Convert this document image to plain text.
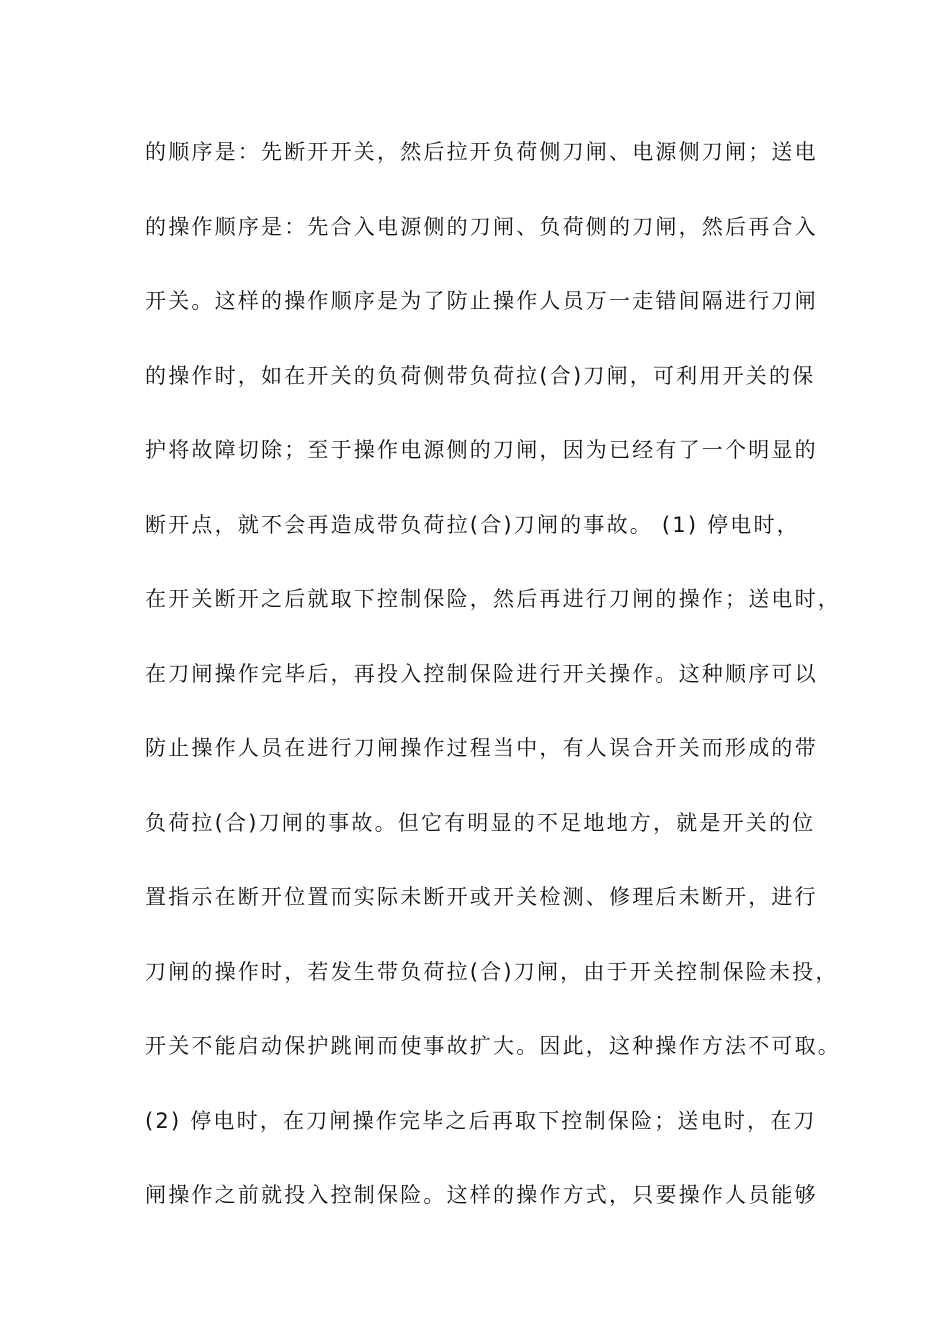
的顺序是：先断开开关，然后拉开负荷侧刀闸、电源侧刀闸；送电
的操作顺序是：先合入电源侧的刀闸、负荷侧的刀闸，然后再合入
开关。这样的操作顺序是为了防止操作人员万一走错间隔进行刀闸
的操作时，如在开关的负荷侧带负荷拉(合)刀闸，可利用开关的保
护将故障切除；至于操作电源侧的刀闸，因为已经有了一个明显的
断开点，就不会再造成带负荷拉(合)刀闸的事故。 (1) 停电时，
在开关断开之后就取下控制保险，然后再进行刀闸的操作；送电时，
在刀闸操作完毕后，再投入控制保险进行开关操作。这种顺序可以
防止操作人员在进行刀闸操作过程当中，有人误合开关而形成的带
负荷拉(合)刀闸的事故。但它有明显的不足地地方，就是开关的位
置指示在断开位置而实际未断开或开关检测、修理后未断开，进行
刀闸的操作时，若发生带负荷拉(合)刀闸，由于开关控制保险未投，
开关不能启动保护跳闸而使事故扩大。因此，这种操作方法不可取。
(2) 停电时，在刀闸操作完毕之后再取下控制保险；送电时，在刀
闸操作之前就投入控制保险。这样的操作方式，只要操作人员能够
